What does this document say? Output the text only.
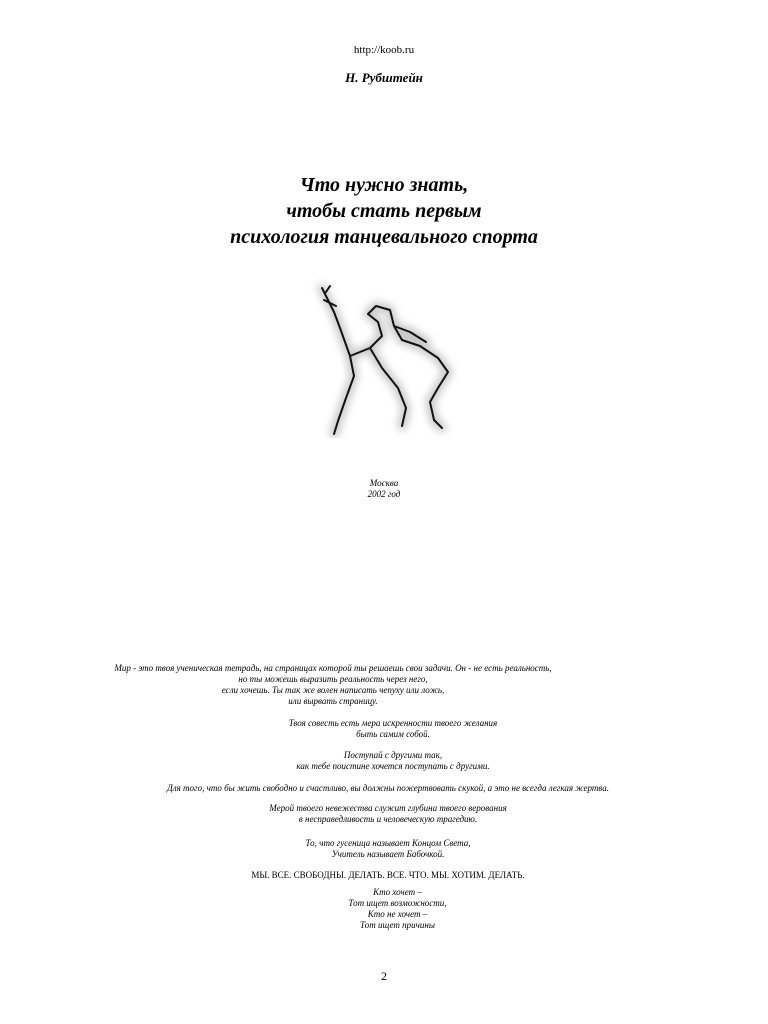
http://koob.ru
Н. Рубштейн
Что нужно знать,
чтобы стать первым
психология танцевального спорта
Москва
2002 год
Мир - это твоя ученическая тетрадь, на страницах которой ты решаешь свои задачи. Он - не есть реальность,
но ты можешь выразить реальность через него,
если хочешь. Ты так же волен написать чепуху или ложь,
или вырвать страницу.
Твоя совесть есть мера искренности твоего желания
быть самим собой.
Поступай с другими так,
как тебе поистине хочется поступать с другими.
Для того, что бы жить свободно и счастливо, вы должны пожертвовать скукой, а это не всегда легкая жертва.
Мерой твоего невежества служит глубина твоего верования
в несправедливость и человеческую трагедию.
То, что гусеница называет Концом Света,
Учитель называет Бабочкой.
МЫ. ВСЕ. СВОБОДНЫ. ДЕЛАТЬ. ВСЕ. ЧТО. МЫ. ХОТИМ. ДЕЛАТЬ.
Кто хочет –
Тот ищет возможности,
Кто не хочет –
Тот ищет причины
2
